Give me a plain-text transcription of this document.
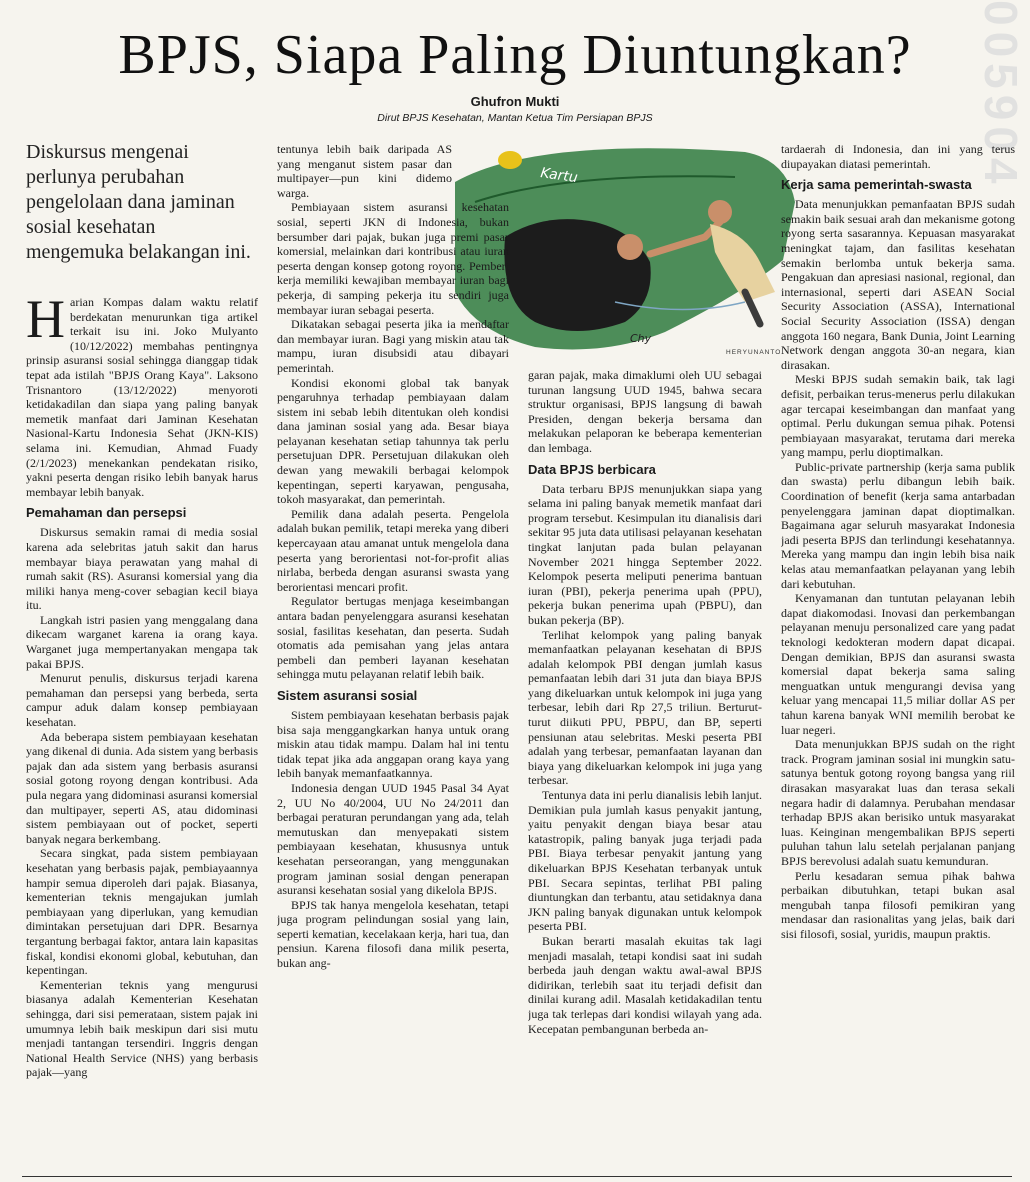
005904
BPJS, Siapa Paling Diuntungkan?

Ghufron Mukti

Dirut BPJS Kesehatan, Mantan Ketua Tim Persiapan BPJS

Diskursus mengenai perlunya perubahan pengelolaan dana jaminan sosial kesehatan mengemuka belakangan ini.

Harian Kompas dalam waktu relatif berdekatan menurunkan tiga artikel terkait isu ini. Joko Mulyanto (10/12/2022) membahas pentingnya prinsip asuransi sosial sehingga dianggap tidak tepat ada istilah "BPJS Orang Kaya". Laksono Trisnantoro (13/12/2022) menyoroti ketidakadilan dan siapa yang paling banyak memetik manfaat dari Jaminan Kesehatan Nasional-Kartu Indonesia Sehat (JKN-KIS) selama ini. Kemudian, Ahmad Fuady (2/1/2023) menekankan pendekatan risiko, yakni peserta dengan risiko lebih banyak harus membayar lebih banyak.

Pemahaman dan persepsi

Diskursus semakin ramai di media sosial karena ada selebritas jatuh sakit dan harus membayar biaya perawatan yang mahal di rumah sakit (RS). Asuransi komersial yang dia miliki hanya meng-cover sebagian kecil biaya itu.

Langkah istri pasien yang menggalang dana dikecam warganet karena ia orang kaya. Warganet juga mempertanyakan mengapa tak pakai BPJS.

Menurut penulis, diskursus terjadi karena pemahaman dan persepsi yang berbeda, serta campur aduk dalam konsep pembiayaan kesehatan.

Ada beberapa sistem pembiayaan kesehatan yang dikenal di dunia. Ada sistem yang berbasis pajak dan ada sistem yang berbasis asuransi sosial gotong royong dengan kontribusi. Ada pula negara yang didominasi asuransi komersial dan multipayer, seperti AS, atau didominasi sistem pembiayaan out of pocket, seperti banyak negara berkembang.

Secara singkat, pada sistem pembiayaan kesehatan yang berbasis pajak, pembiayaannya hampir semua diperoleh dari pajak. Biasanya, kementerian teknis mengajukan jumlah pembiayaan yang diperlukan, yang kemudian dimintakan persetujuan dari DPR. Besarnya tergantung berbagai faktor, antara lain kapasitas fiskal, kondisi ekonomi global, kebutuhan, dan kepentingan.

Kementerian teknis yang mengurusi biasanya adalah Kementerian Kesehatan sehingga, dari sisi pemerataan, sistem pajak ini umumnya lebih baik meskipun dari sisi mutu menjadi tantangan tersendiri. Inggris dengan National Health Service (NHS) yang berbasis pajak—yang

Kartu
Chy

HERYUNANTO

tentunya lebih baik daripada AS yang menganut sistem pasar dan multipayer—pun kini didemo warga.

Pembiayaan sistem asuransi kesehatan sosial, seperti JKN di Indonesia, bukan bersumber dari pajak, bukan juga premi pasar komersial, melainkan dari kontribusi atau iuran peserta dengan konsep gotong royong. Pemberi kerja memiliki kewajiban membayar iuran bagi pekerja, di samping pekerja itu sendiri juga membayar iuran sebagai peserta.

Dikatakan sebagai peserta jika ia mendaftar dan membayar iuran. Bagi yang miskin atau tak mampu, iuran disubsidi atau dibayari pemerintah.

Kondisi ekonomi global tak banyak pengaruhnya terhadap pembiayaan dalam sistem ini sebab lebih ditentukan oleh kondisi dana jaminan sosial yang ada. Besar biaya pelayanan kesehatan setiap tahunnya tak perlu persetujuan DPR. Persetujuan dilakukan oleh dewan yang mewakili berbagai kelompok kepentingan, seperti karyawan, pengusaha, tokoh masyarakat, dan pemerintah.

Pemilik dana adalah peserta. Pengelola adalah bukan pemilik, tetapi mereka yang diberi kepercayaan atau amanat untuk mengelola dana peserta yang berorientasi not-for-profit alias nirlaba, berbeda dengan asuransi swasta yang berorientasi mencari profit.

Regulator bertugas menjaga keseimbangan antara badan penyelenggara asuransi kesehatan sosial, fasilitas kesehatan, dan peserta. Sudah otomatis ada pemisahan yang jelas antara pembeli dan pemberi layanan kesehatan sehingga mutu pelayanan relatif lebih baik.

Sistem asuransi sosial

Sistem pembiayaan kesehatan berbasis pajak bisa saja menggangkarkan hanya untuk orang miskin atau tidak mampu. Dalam hal ini tentu tidak tepat jika ada anggapan orang kaya yang lebih banyak memanfaatkannya.

Indonesia dengan UUD 1945 Pasal 34 Ayat 2, UU No 40/2004, UU No 24/2011 dan berbagai peraturan perundangan yang ada, telah memutuskan dan menyepakati sistem pembiayaan kesehatan, khususnya untuk kesehatan perseorangan, yang menggunakan program jaminan sosial dengan penerapan asuransi kesehatan sosial yang dikelola BPJS.

BPJS tak hanya mengelola kesehatan, tetapi juga program pelindungan sosial yang lain, seperti kematian, kecelakaan kerja, hari tua, dan pensiun. Karena filosofi dana milik peserta, bukan ang-

garan pajak, maka dimaklumi oleh UU sebagai turunan langsung UUD 1945, bahwa secara struktur organisasi, BPJS langsung di bawah Presiden, dengan bekerja bersama dan melakukan pelaporan ke beberapa kementerian dan lembaga.

Data BPJS berbicara

Data terbaru BPJS menunjukkan siapa yang selama ini paling banyak memetik manfaat dari program tersebut. Kesimpulan itu dianalisis dari sekitar 95 juta data utilisasi pelayanan kesehatan tingkat lanjutan pada bulan pelayanan November 2021 hingga September 2022. Kelompok peserta meliputi penerima bantuan iuran (PBI), pekerja penerima upah (PPU), pekerja bukan penerima upah (PBPU), dan bukan pekerja (BP).

Terlihat kelompok yang paling banyak memanfaatkan pelayanan kesehatan di BPJS adalah kelompok PBI dengan jumlah kasus pemanfaatan lebih dari 31 juta dan biaya BPJS yang dikeluarkan untuk kelompok ini juga yang terbesar, lebih dari Rp 27,5 triliun. Berturut-turut diikuti PPU, PBPU, dan BP, seperti pensiunan atau selebritas. Meski peserta PBI adalah yang terbesar, pemanfaatan layanan dan biaya yang dikeluarkan kelompok ini juga yang terbesar.

Tentunya data ini perlu dianalisis lebih lanjut. Demikian pula jumlah kasus penyakit jantung, yaitu penyakit dengan biaya besar atau katastropik, paling banyak juga terjadi pada PBI. Biaya terbesar penyakit jantung yang dikeluarkan BPJS Kesehatan terbanyak untuk PBI. Secara sepintas, terlihat PBI paling diuntungkan dan terbantu, atau setidaknya dana JKN paling banyak digunakan untuk kelompok peserta PBI.

Bukan berarti masalah ekuitas tak lagi menjadi masalah, tetapi kondisi saat ini sudah berbeda jauh dengan waktu awal-awal BPJS didirikan, terlebih saat itu terjadi defisit dan dinilai kurang adil. Masalah ketidakadilan tentu juga tak terlepas dari kondisi wilayah yang ada. Kecepatan pembangunan berbeda an-

tardaerah di Indonesia, dan ini yang terus diupayakan diatasi pemerintah.

Kerja sama pemerintah-swasta

Data menunjukkan pemanfaatan BPJS sudah semakin baik sesuai arah dan mekanisme gotong royong serta sasarannya. Kepuasan masyarakat meningkat tajam, dan fasilitas kesehatan semakin berlomba untuk bekerja sama. Pengakuan dan apresiasi nasional, regional, dan internasional, seperti dari ASEAN Social Security Association (ASSA), International Social Security Association (ISSA) dengan anggota 160 negara, Bank Dunia, Joint Learning Network dengan anggota 30-an negara, kian dirasakan.

Meski BPJS sudah semakin baik, tak lagi defisit, perbaikan terus-menerus perlu dilakukan agar tercapai keseimbangan dan manfaat yang optimal. Perlu dukungan semua pihak. Potensi pembiayaan masyarakat, terutama dari mereka yang mampu, perlu dioptimalkan.

Public-private partnership (kerja sama publik dan swasta) perlu dibangun lebih baik. Coordination of benefit (kerja sama antarbadan penyelenggara jaminan dapat dioptimalkan. Bagaimana agar seluruh masyarakat Indonesia jadi peserta BPJS dan terlindungi kesehatannya. Mereka yang mampu dan ingin lebih bisa naik kelas atau memanfaatkan pelayanan yang lebih dari kebutuhan.

Kenyamanan dan tuntutan pelayanan lebih dapat diakomodasi. Inovasi dan perkembangan pelayanan menuju personalized care yang padat teknologi kedokteran modern dapat dicapai. Dengan demikian, BPJS dan asuransi swasta komersial dapat bekerja sama saling menguatkan untuk mengurangi devisa yang keluar yang mencapai 11,5 miliar dollar AS per tahun karena banyak WNI memilih berobat ke luar negeri.

Data menunjukkan BPJS sudah on the right track. Program jaminan sosial ini mungkin satu-satunya bentuk gotong royong bangsa yang riil dirasakan masyarakat luas dan terasa sekali negara hadir di dalamnya. Perubahan mendasar terhadap BPJS akan berisiko untuk masyarakat luas. Keinginan mengembalikan BPJS seperti puluhan tahun lalu setelah perjalanan panjang BPJS berevolusi adalah suatu kemunduran.

Perlu kesadaran semua pihak bahwa perbaikan dibutuhkan, tetapi bukan asal mengubah tanpa filosofi pemikiran yang mendasar dan rasionalitas yang jelas, baik dari sisi filosofi, sosial, yuridis, maupun praktis.
